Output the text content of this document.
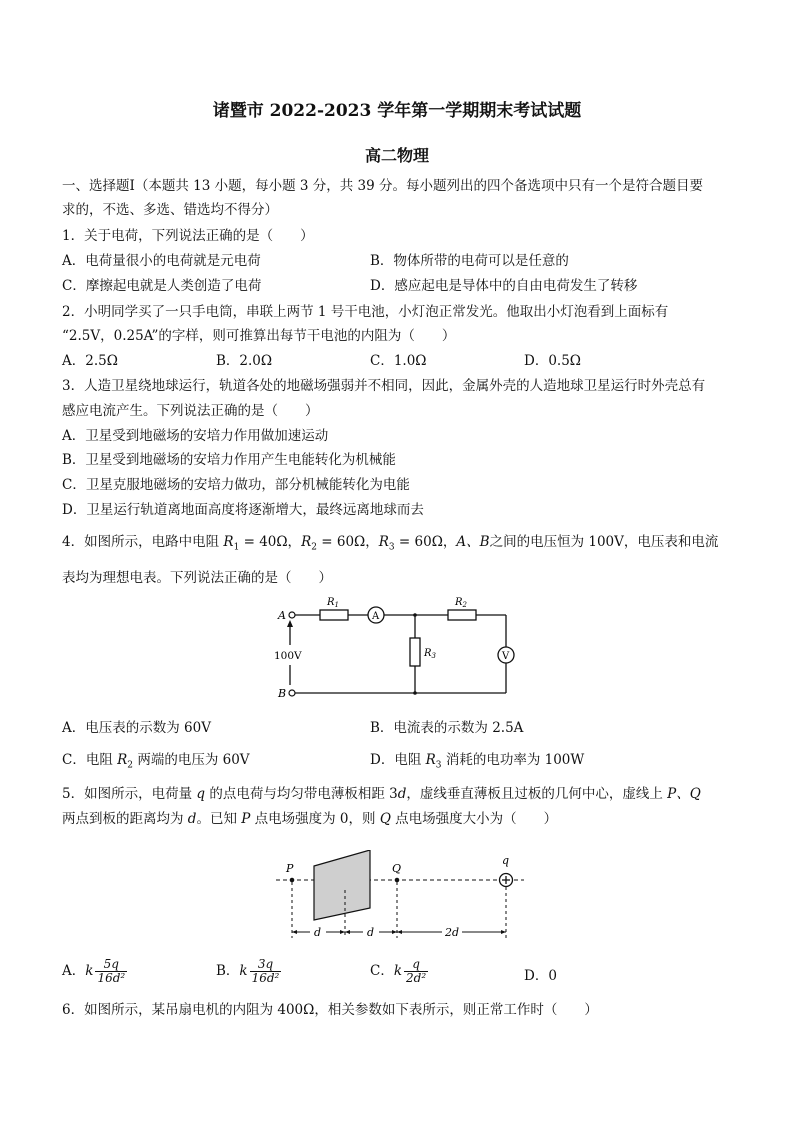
诸暨市 2022-2023 学年第一学期期末考试试题
高二物理
一、选择题Ⅰ（本题共 13 小题，每小题 3 分，共 39 分。每小题列出的四个备选项中只有一个是符合题目要
求的，不选、多选、错选均不得分）
1．关于电荷，下列说法正确的是（　　）
A．电荷量很小的电荷就是元电荷	B．物体所带的电荷可以是任意的
C．摩擦起电就是人类创造了电荷	D．感应起电是导体中的自由电荷发生了转移
2．小明同学买了一只手电筒，串联上两节 1 号干电池，小灯泡正常发光。他取出小灯泡看到上面标有
“2.5V，0.25A”的字样，则可推算出每节干电池的内阻为（　　）
A．2.5Ω	B．2.0Ω	C．1.0Ω	D．0.5Ω
3．人造卫星绕地球运行，轨道各处的地磁场强弱并不相同，因此，金属外壳的人造地球卫星运行时外壳总有
感应电流产生。下列说法正确的是（　　）
A．卫星受到地磁场的安培力作用做加速运动
B．卫星受到地磁场的安培力作用产生电能转化为机械能
C．卫星克服地磁场的安培力做功，部分机械能转化为电能
D．卫星运行轨道离地面高度将逐渐增大，最终远离地球而去
4．如图所示，电路中电阻 $R_1 = 40\Omega$，$R_2 = 60\Omega$，$R_3 = 60\Omega$，A、B之间的电压恒为 100V，电压表和电流
表均为理想电表。下列说法正确的是（　　）
A
B
100V
$R_1$	$R_2$
$R_3$
A
V
A．电压表的示数为 60V	B．电流表的示数为 2.5A
C．电阻 $R_2$ 两端的电压为 60V	D．电阻 $R_3$ 消耗的电功率为 100W
5．如图所示，电荷量 q 的点电荷与均匀带电薄板相距 3d，虚线垂直薄板且过板的几何中心，虚线上 P、Q
两点到板的距离均为 d。已知 P 点电场强度为 0，则 Q 点电场强度大小为（　　）
P	Q
q
d	d	2d
A．k $\frac{5q}{\text{16d²}}$	B．k $\frac{3q}{\text{16d²}}$	C．k $\frac{q}{\text{2d²}}$	D．0
6．如图所示，某吊扇电机的内阻为 400Ω，相关参数如下表所示，则正常工作时（　　）
